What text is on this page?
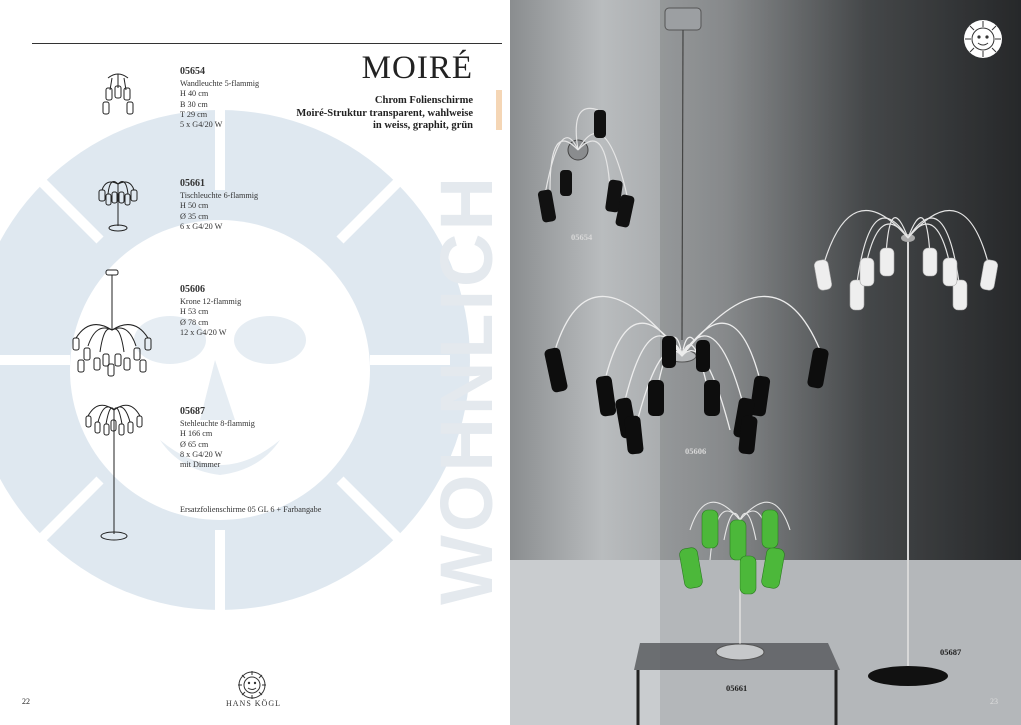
WOHNLICH
MOIRÉ
Chrom Folienschirme
Moiré-Struktur transparent, wahlweise
in weiss, graphit, grün
05654
Wandleuchte 5-flammig
H 40 cm
B 30 cm
T 29 cm
5 x G4/20 W
05661
Tischleuchte 6-flammig
H 50 cm
Ø 35 cm
6 x G4/20 W
05606
Krone 12-flammig
H 53 cm
Ø 78 cm
12 x G4/20 W
05687
Stehleuchte 8-flammig
H 166 cm
Ø 65 cm
8 x G4/20 W
mit Dimmer
Ersatzfolienschirme 05 GL 6 + Farbangabe
HANS KÖGL
22
05654
05606
05661
05687
23
